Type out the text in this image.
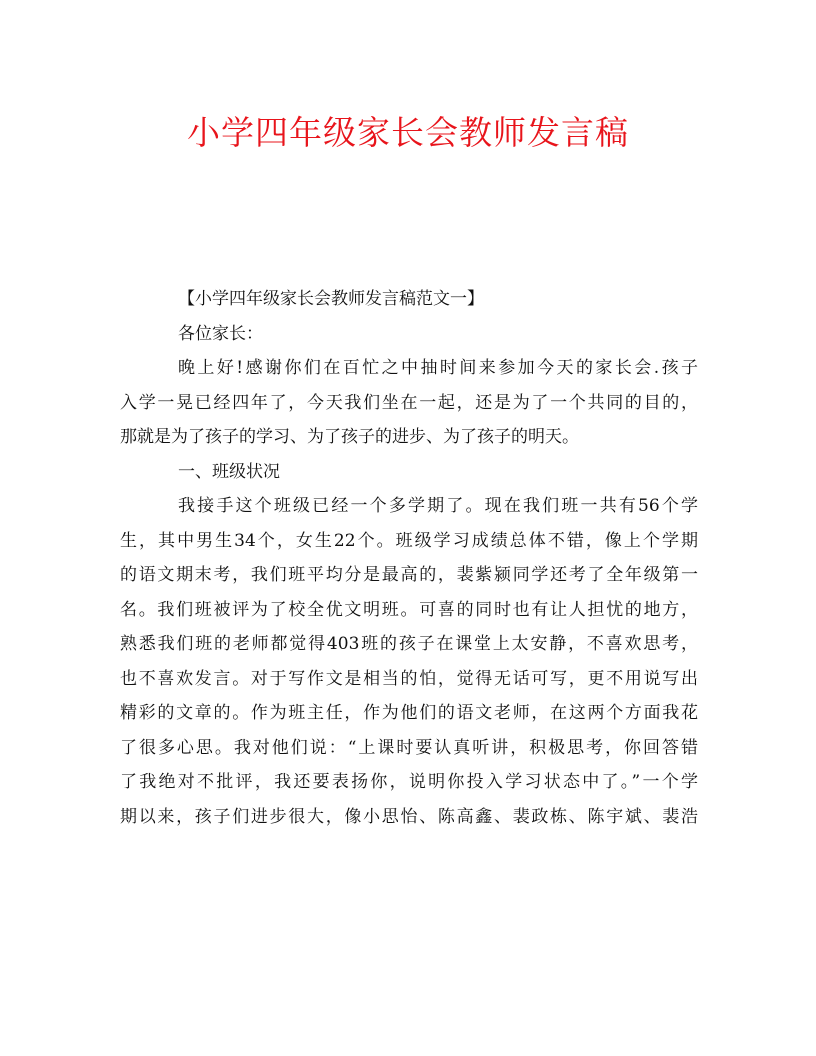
小学四年级家长会教师发言稿
【小学四年级家长会教师发言稿范文一】
各位家长：
晚上好!感谢你们在百忙之中抽时间来参加今天的家长会.孩子
入学一晃已经四年了，今天我们坐在一起，还是为了一个共同的目的，
那就是为了孩子的学习、为了孩子的进步、为了孩子的明天。
一、班级状况
我接手这个班级已经一个多学期了。现在我们班一共有56个学
生，其中男生34个，女生22个。班级学习成绩总体不错，像上个学期
的语文期末考，我们班平均分是最高的，裴紫颍同学还考了全年级第一
名。我们班被评为了校全优文明班。可喜的同时也有让人担忧的地方，
熟悉我们班的老师都觉得403班的孩子在课堂上太安静，不喜欢思考，
也不喜欢发言。对于写作文是相当的怕，觉得无话可写，更不用说写出
精彩的文章的。作为班主任，作为他们的语文老师，在这两个方面我花
了很多心思。我对他们说：“上课时要认真听讲，积极思考，你回答错
了我绝对不批评，我还要表扬你，说明你投入学习状态中了。”一个学
期以来，孩子们进步很大，像小思怡、陈高鑫、裴政栋、陈宇斌、裴浩
